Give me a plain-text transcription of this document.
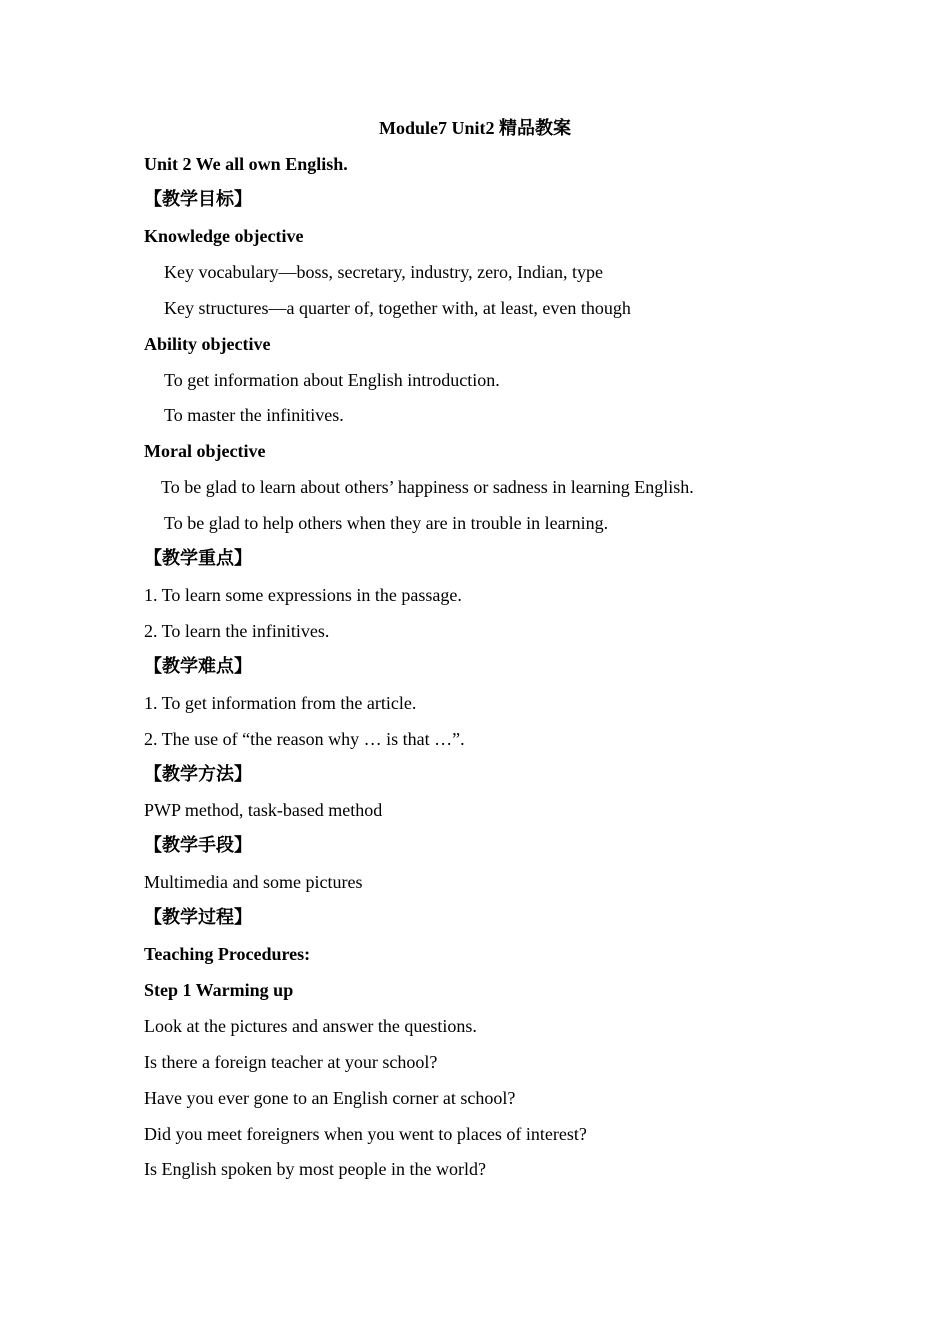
Module7 Unit2 精品教案
Unit 2 We all own English.
【教学目标】
Knowledge objective
Key vocabulary—boss, secretary, industry, zero, Indian, type
Key structures—a quarter of, together with, at least, even though
Ability objective
To get information about English introduction.
To master the infinitives.
Moral objective
To be glad to learn about others’ happiness or sadness in learning English.
To be glad to help others when they are in trouble in learning.
【教学重点】
1. To learn some expressions in the passage.
2. To learn the infinitives.
【教学难点】
1. To get information from the article.
2. The use of “the reason why … is that …”.
【教学方法】
PWP method, task-based method
【教学手段】
Multimedia and some pictures
【教学过程】
Teaching Procedures:
Step 1 Warming up
Look at the pictures and answer the questions.
Is there a foreign teacher at your school?
Have you ever gone to an English corner at school?
Did you meet foreigners when you went to places of interest?
Is English spoken by most people in the world?
